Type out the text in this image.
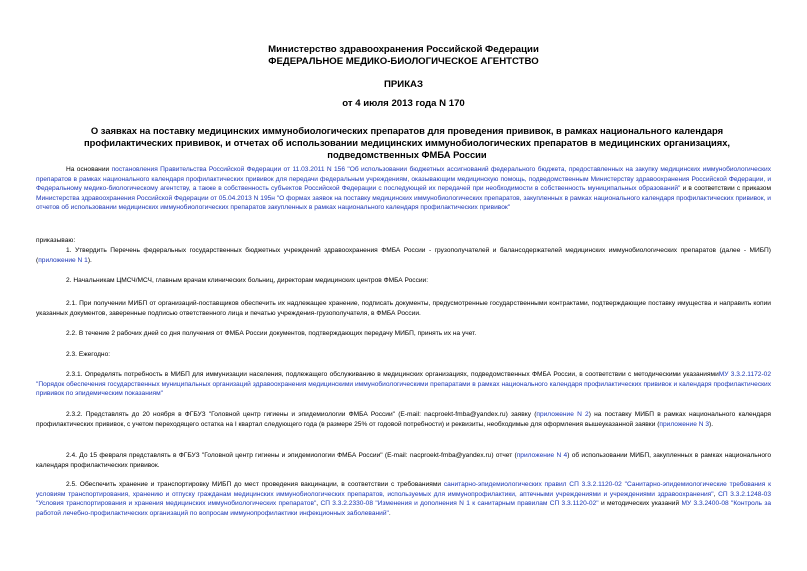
Министерство здравоохранения Российской Федерации
ФЕДЕРАЛЬНОЕ МЕДИКО-БИОЛОГИЧЕСКОЕ АГЕНТСТВО
ПРИКАЗ
от 4 июля 2013 года N 170
О заявках на поставку медицинских иммунобиологических препаратов для проведения прививок, в рамках национального календаря профилактических прививок, и отчетах об использовании медицинских иммунобиологических препаратов в медицинских организациях, подведомственных ФМБА России
На основании постановления Правительства Российской Федерации от 11.03.2011 N 156 "Об использовании бюджетных ассигнований федерального бюджета, предоставленных на закупку медицинских иммунобиологических препаратов в рамках национального календаря профилактических прививок для передачи федеральным учреждениям, оказывающим медицинскую помощь, подведомственным Министерству здравоохранения Российской Федерации, и Федеральному медико-биологическому агентству, а также в собственность субъектов Российской Федерации с последующей их передачей при необходимости в собственность муниципальных образований" и в соответствии с приказом Министерства здравоохранения Российской Федерации от 05.04.2013 N 195н "О формах заявок на поставку медицинских иммунобиологических препаратов, закупленных в рамках национального календаря профилактических прививок, и отчетов об использовании медицинских иммунобиологических препаратов закупленных в рамках национального календаря профилактических прививок"
приказываю:
1. Утвердить Перечень федеральных государственных бюджетных учреждений здравоохранения ФМБА России - грузополучателей и балансодержателей медицинских иммунобиологических препаратов (далее - МИБП) (приложение N 1).
2. Начальникам ЦМСЧ/МСЧ, главным врачам клинических больниц, директорам медицинских центров ФМБА России:
2.1. При получении МИБП от организаций-поставщиков обеспечить их надлежащее хранение, подписать документы, предусмотренные государственными контрактами, подтверждающие поставку имущества и направить копии указанных документов, заверенные подписью ответственного лица и печатью учреждения-грузополучателя, в ФМБА России.
2.2. В течение 2 рабочих дней со дня получения от ФМБА России документов, подтверждающих передачу МИБП, принять их на учет.
2.3. Ежегодно:
2.3.1. Определять потребность в МИБП для иммунизации населения, подлежащего обслуживанию в медицинских организациях, подведомственных ФМБА России, в соответствии с методическими указаниямиМУ 3.3.2.1172-02 "Порядок обеспечения государственных муниципальных организаций здравоохранения медицинскими иммунобиологическими препаратами в рамках национального календаря профилактических прививок и календаря профилактических прививок по эпидемическим показаниям"
2.3.2. Представлять до 20 ноября в ФГБУЗ "Головной центр гигиены и эпидемиологии ФМБА России" (E-mail: nacproekt-fmba@yandex.ru) заявку (приложение N 2) на поставку МИБП в рамках национального календаря профилактических прививок, с учетом переходящего остатка на I квартал следующего года (в размере 25% от годовой потребности) и реквизиты, необходимые для оформления вышеуказанной заявки (приложение N 3).
2.4. До 15 февраля представлять в ФГБУЗ "Головной центр гигиены и эпидемиологии ФМБА России" (E-mail: nacproekt-fmba@yandex.ru) отчет (приложение N 4) об использовании МИБП, закупленных в рамках национального календаря профилактических прививок.
2.5. Обеспечить хранение и транспортировку МИБП до мест проведения вакцинации, в соответствии с требованиями санитарно-эпидемиологических правил СП 3.3.2.1120-02 "Санитарно-эпидемиологические требования к условиям транспортирования, хранению и отпуску гражданам медицинских иммунобиологических препаратов, используемых для иммунопрофилактики, аптечными учреждениями и учреждениями здравоохранения", СП 3.3.2.1248-03 "Условия транспортирования и хранения медицинских иммунобиологических препаратов", СП 3.3.2.2330-08 "Изменения и дополнения N 1 к санитарным правилам СП 3.3.1120-02" и методических указаний МУ 3.3.2400-08 "Контроль за работой лечебно-профилактических организаций по вопросам иммунопрофилактики инфекционных заболеваний".
